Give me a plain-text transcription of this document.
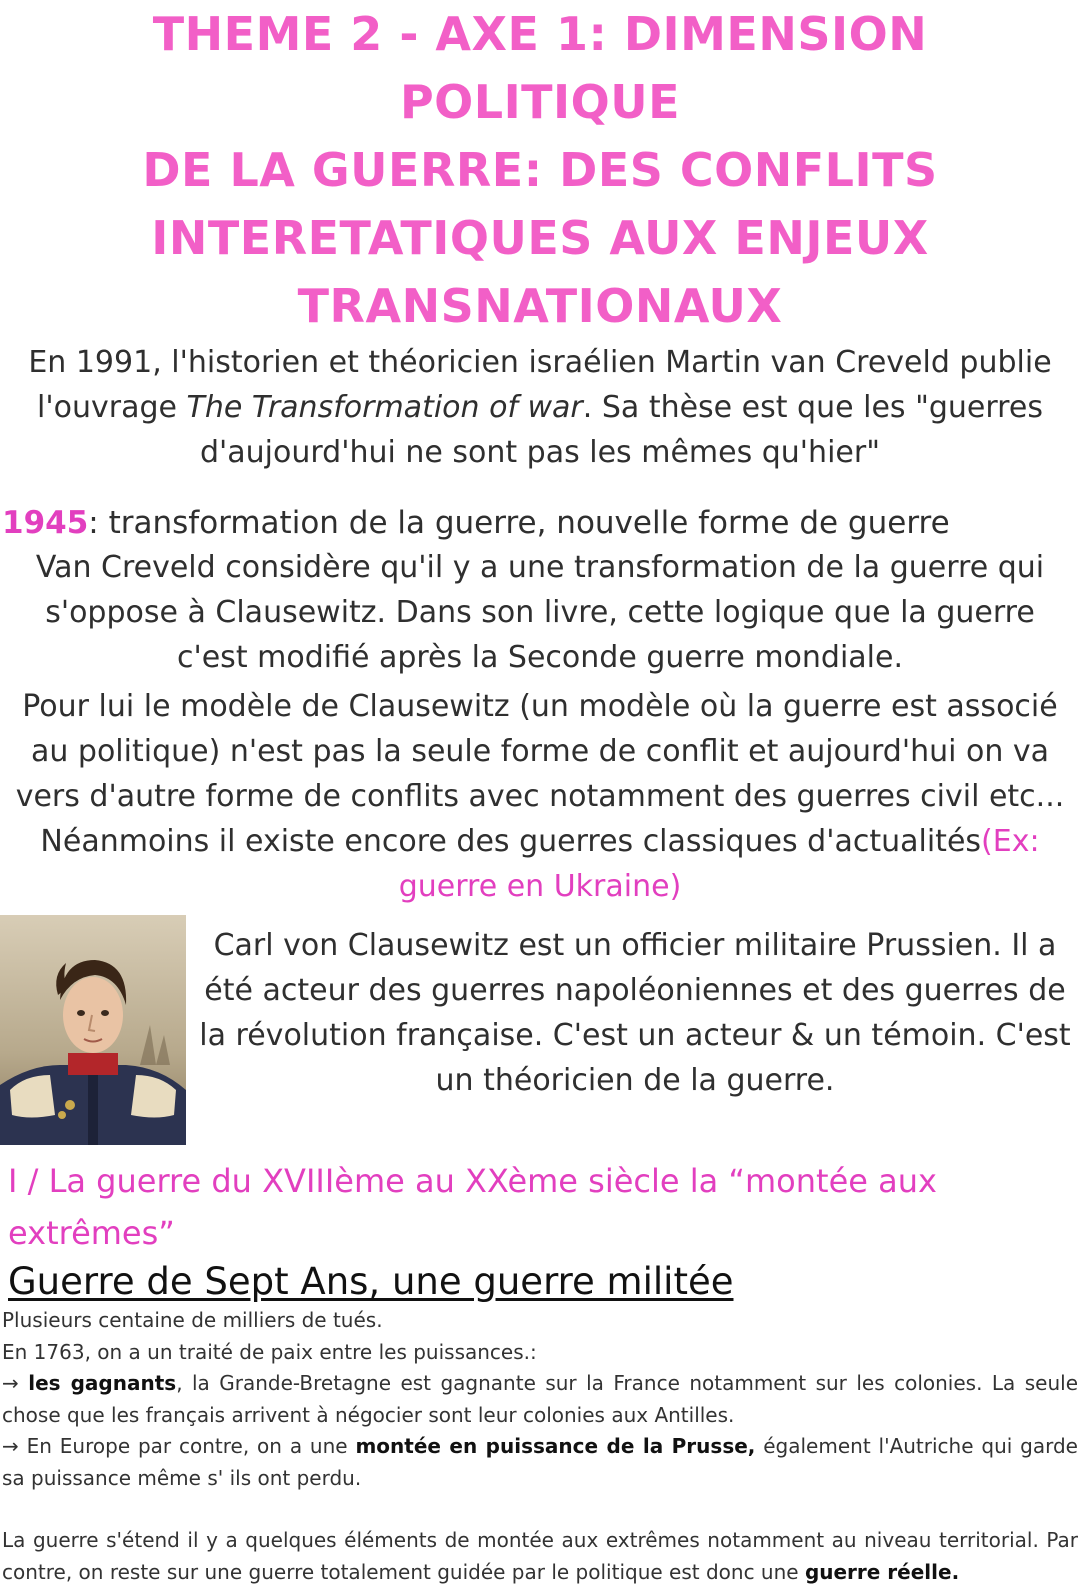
THEME 2 - AXE 1: DIMENSION POLITIQUE
DE LA GUERRE: DES CONFLITS
INTERETATIQUES AUX ENJEUX
TRANSNATIONAUX

En 1991, l'historien et théoricien israélien Martin van Creveld publie l'ouvrage The Transformation of war. Sa thèse est que les "guerres d'aujourd'hui ne sont pas les mêmes qu'hier"

1945: transformation de la guerre, nouvelle forme de guerre

Van Creveld considère qu'il y a une transformation de la guerre qui s'oppose à Clausewitz. Dans son livre, cette logique que la guerre c'est modifié après la Seconde guerre mondiale.

Pour lui le modèle de Clausewitz (un modèle où la guerre est associé au politique) n'est pas la seule forme de conflit et aujourd'hui on va vers d'autre forme de conflits avec notamment des guerres civil etc... Néanmoins il existe encore des guerres classiques d'actualités(Ex: guerre en Ukraine)

Carl von Clausewitz est un officier militaire Prussien. Il a été acteur des guerres napoléoniennes et des guerres de la révolution française. C'est un acteur & un témoin. C'est un théoricien de la guerre.

I / La guerre du XVIIIème au XXème siècle la “montée aux extrêmes”
Guerre de Sept Ans, une guerre militée

Plusieurs centaine de milliers de tués.

En 1763, on a un traité de paix entre les puissances.:

→ les gagnants, la Grande-Bretagne est gagnante sur la France notamment sur les colonies. La seule chose que les français arrivent à négocier sont leur colonies aux Antilles.

→ En Europe par contre, on a une montée en puissance de la Prusse, également l'Autriche qui garde sa puissance même s' ils ont perdu.

La guerre s'étend il y a quelques éléments de montée aux extrêmes notamment au niveau territorial. Par contre, on reste sur une guerre totalement guidée par le politique est donc une guerre réelle.
